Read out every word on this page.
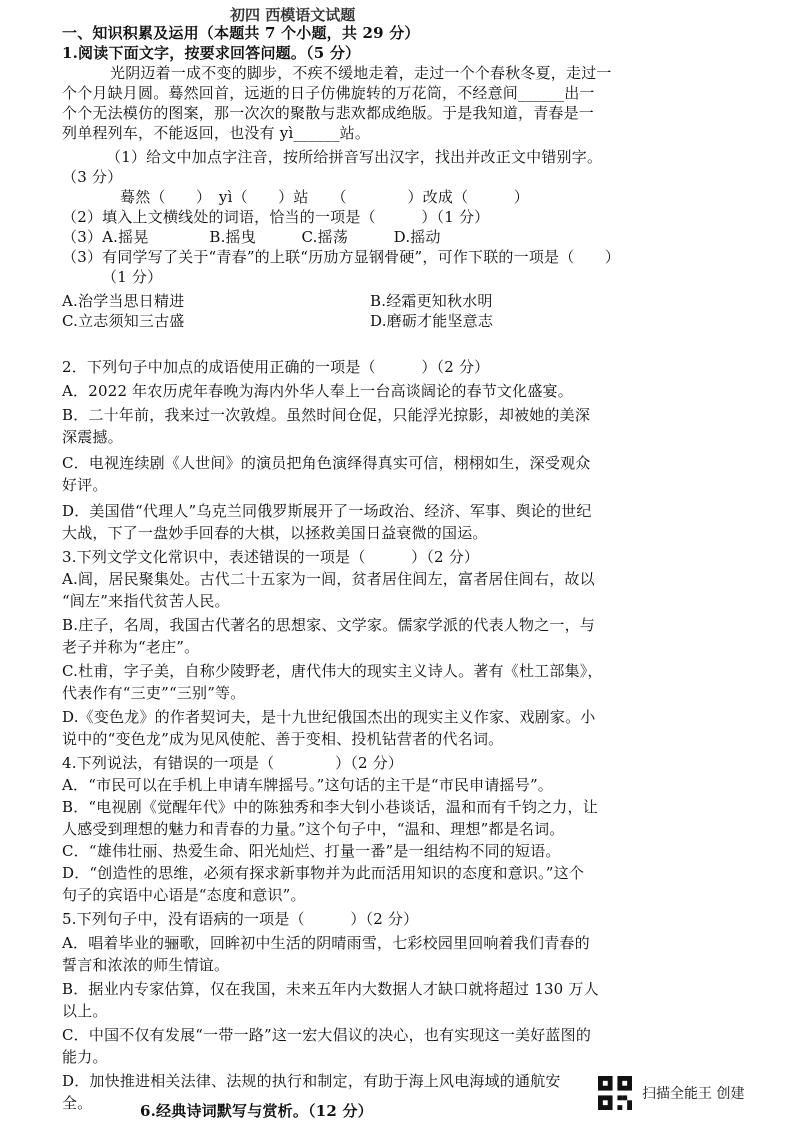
初四 西模语文试题
一、知识积累及运用（本题共 7 个小题，共 29 分）
1.阅读下面文字，按要求回答问题。（5 分）
光阴迈着一成不变的脚步，不疾不缓地走着，走过一个个春秋冬夏，走过一
个个月缺月圆。蓦然回首，远逝的日子仿佛旋转的万花筒，不经意间______出一
个个无法模仿的图案，那一次次的聚散与悲欢都成绝版。于是我知道，青春是一
列单程列车，不能返回，也没有 yì______站。
（1）给文中加点字注音，按所给拼音写出汉字，找出并改正文中错别字。
（3 分）
蓦然（　　）　yì（　　）站　　（　　　　）改成（　　　）
（2）填入上文横线处的词语，恰当的一项是（　　　）（1 分）
（3）A.摇晃　　　　B.摇曳　　　C.摇荡　　　D.摇动
（3）有同学写了关于“青春”的上联“历劢方显钢骨硬”，可作下联的一项是（　　）
（1 分）
A.治学当思日精进	B.经霜更知秋水明
C.立志须知三古盛	D.磨砺才能坚意志
2．下列句子中加点的成语使用正确的一项是（　　　）（2 分）
A．2022 年农历虎年春晚为海内外华人奉上一台高谈阔论的春节文化盛宴。
B．二十年前，我来过一次敦煌。虽然时间仓促，只能浮光掠影，却被她的美深
深震撼。
C．电视连续剧《人世间》的演员把角色演绎得真实可信，栩栩如生，深受观众
好评。
D．美国借“代理人”乌克兰同俄罗斯展开了一场政治、经济、军事、舆论的世纪
大战，下了一盘妙手回春的大棋，以拯救美国日益衰微的国运。
3.下列文学文化常识中，表述错误的一项是（　　　）（2 分）
A.闾，居民聚集处。古代二十五家为一闾，贫者居住闾左，富者居住闾右，故以
“闾左”来指代贫苦人民。
B.庄子，名周，我国古代著名的思想家、文学家。儒家学派的代表人物之一，与
老子并称为“老庄”。
C.杜甫，字子美，自称少陵野老，唐代伟大的现实主义诗人。著有《杜工部集》，
代表作有“三吏”“三别”等。
D.《变色龙》的作者契诃夫，是十九世纪俄国杰出的现实主义作家、戏剧家。小
说中的“变色龙”成为见风使舵、善于变相、投机钻营者的代名词。
4.下列说法，有错误的一项是（　　　　）（2 分）
A．“市民可以在手机上申请车牌摇号。”这句话的主干是“市民申请摇号”。
B．“电视剧《觉醒年代》中的陈独秀和李大钊小巷谈话，温和而有千钧之力，让
人感受到理想的魅力和青春的力量。”这个句子中，“温和、理想”都是名词。
C．“雄伟壮丽、热爱生命、阳光灿烂、打量一番”是一组结构不同的短语。
D．“创造性的思维，必须有探求新事物并为此而活用知识的态度和意识。”这个
句子的宾语中心语是“态度和意识”。
5.下列句子中，没有语病的一项是（　　　）（2 分）
A．唱着毕业的骊歌，回眸初中生活的阴晴雨雪，七彩校园里回响着我们青春的
誓言和浓浓的师生情谊。
B．据业内专家估算，仅在我国，未来五年内大数据人才缺口就将超过 130 万人
以上。
C．中国不仅有发展“一带一路”这一宏大倡议的决心，也有实现这一美好蓝图的
能力。
D．加快推进相关法律、法规的执行和制定，有助于海上风电海域的通航安
全。	6.经典诗词默写与赏析。（12 分）
扫描全能王 创建
